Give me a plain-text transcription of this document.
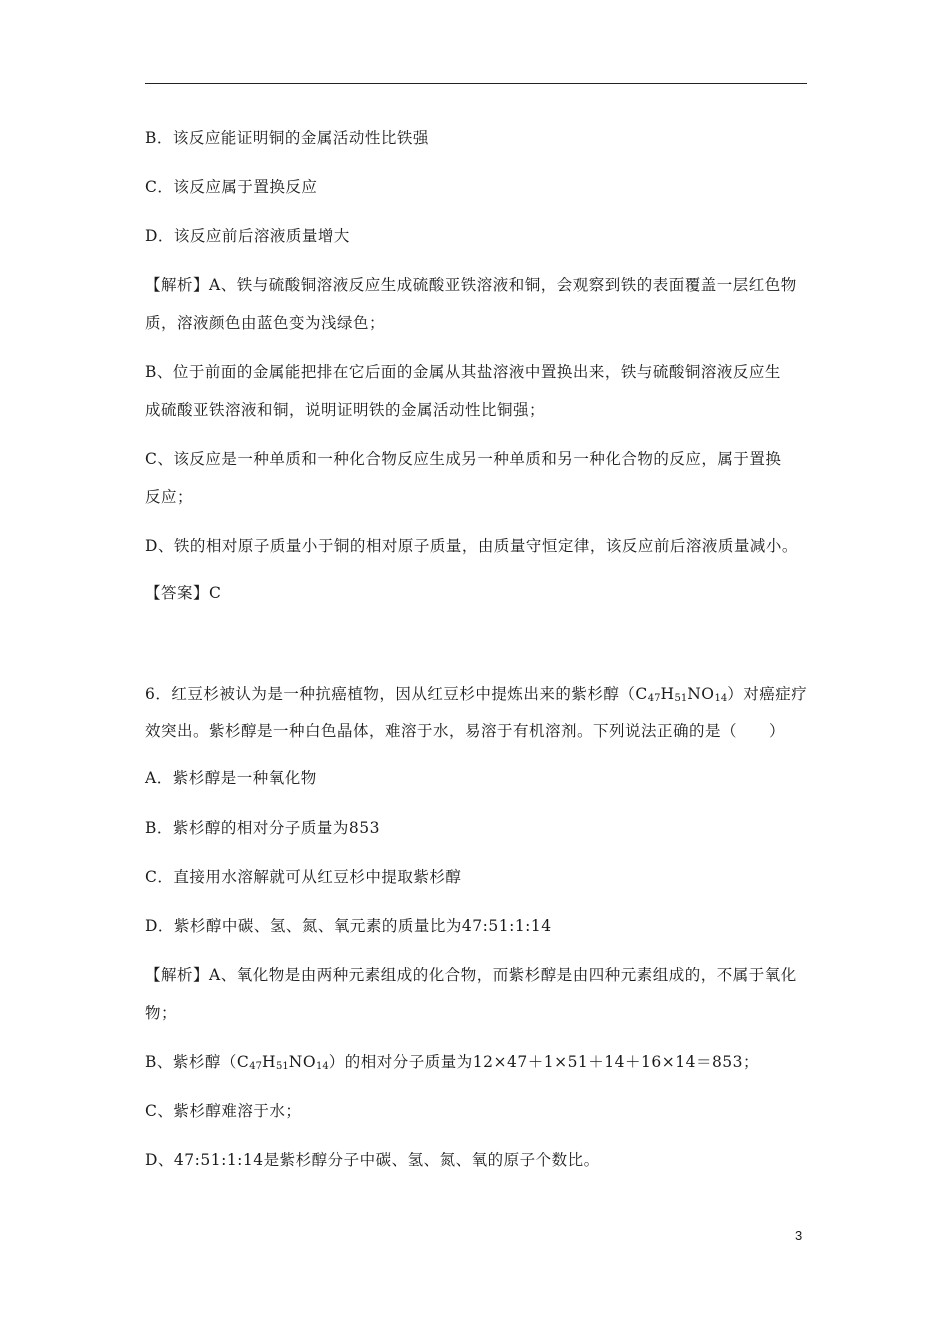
B．该反应能证明铜的金属活动性比铁强
C．该反应属于置换反应
D．该反应前后溶液质量增大
【解析】A、铁与硫酸铜溶液反应生成硫酸亚铁溶液和铜，会观察到铁的表面覆盖一层红色物
质，溶液颜色由蓝色变为浅绿色；
B、位于前面的金属能把排在它后面的金属从其盐溶液中置换出来，铁与硫酸铜溶液反应生
成硫酸亚铁溶液和铜，说明证明铁的金属活动性比铜强；
C、该反应是一种单质和一种化合物反应生成另一种单质和另一种化合物的反应，属于置换
反应；
D、铁的相对原子质量小于铜的相对原子质量，由质量守恒定律，该反应前后溶液质量减小。
【答案】C
6．红豆杉被认为是一种抗癌植物，因从红豆杉中提炼出来的紫杉醇$(C_{47}H_{51}NO_{14})$对癌症疗
效突出。紫杉醇是一种白色晶体，难溶于水，易溶于有机溶剂。下列说法正确的是（　　）
A．紫杉醇是一种氧化物
B．紫杉醇的相对分子质量为853
C．直接用水溶解就可从红豆杉中提取紫杉醇
D．紫杉醇中碳、氢、氮、氧元素的质量比为47:51:1:14
【解析】A、氧化物是由两种元素组成的化合物，而紫杉醇是由四种元素组成的，不属于氧化
物；
B、紫杉醇$(C_{47}H_{51}NO_{14})$的相对分子质量为12×47＋1×51＋14＋16×14＝853；
C、紫杉醇难溶于水；
D、47:51:1:14是紫杉醇分子中碳、氢、氮、氧的原子个数比。
3
